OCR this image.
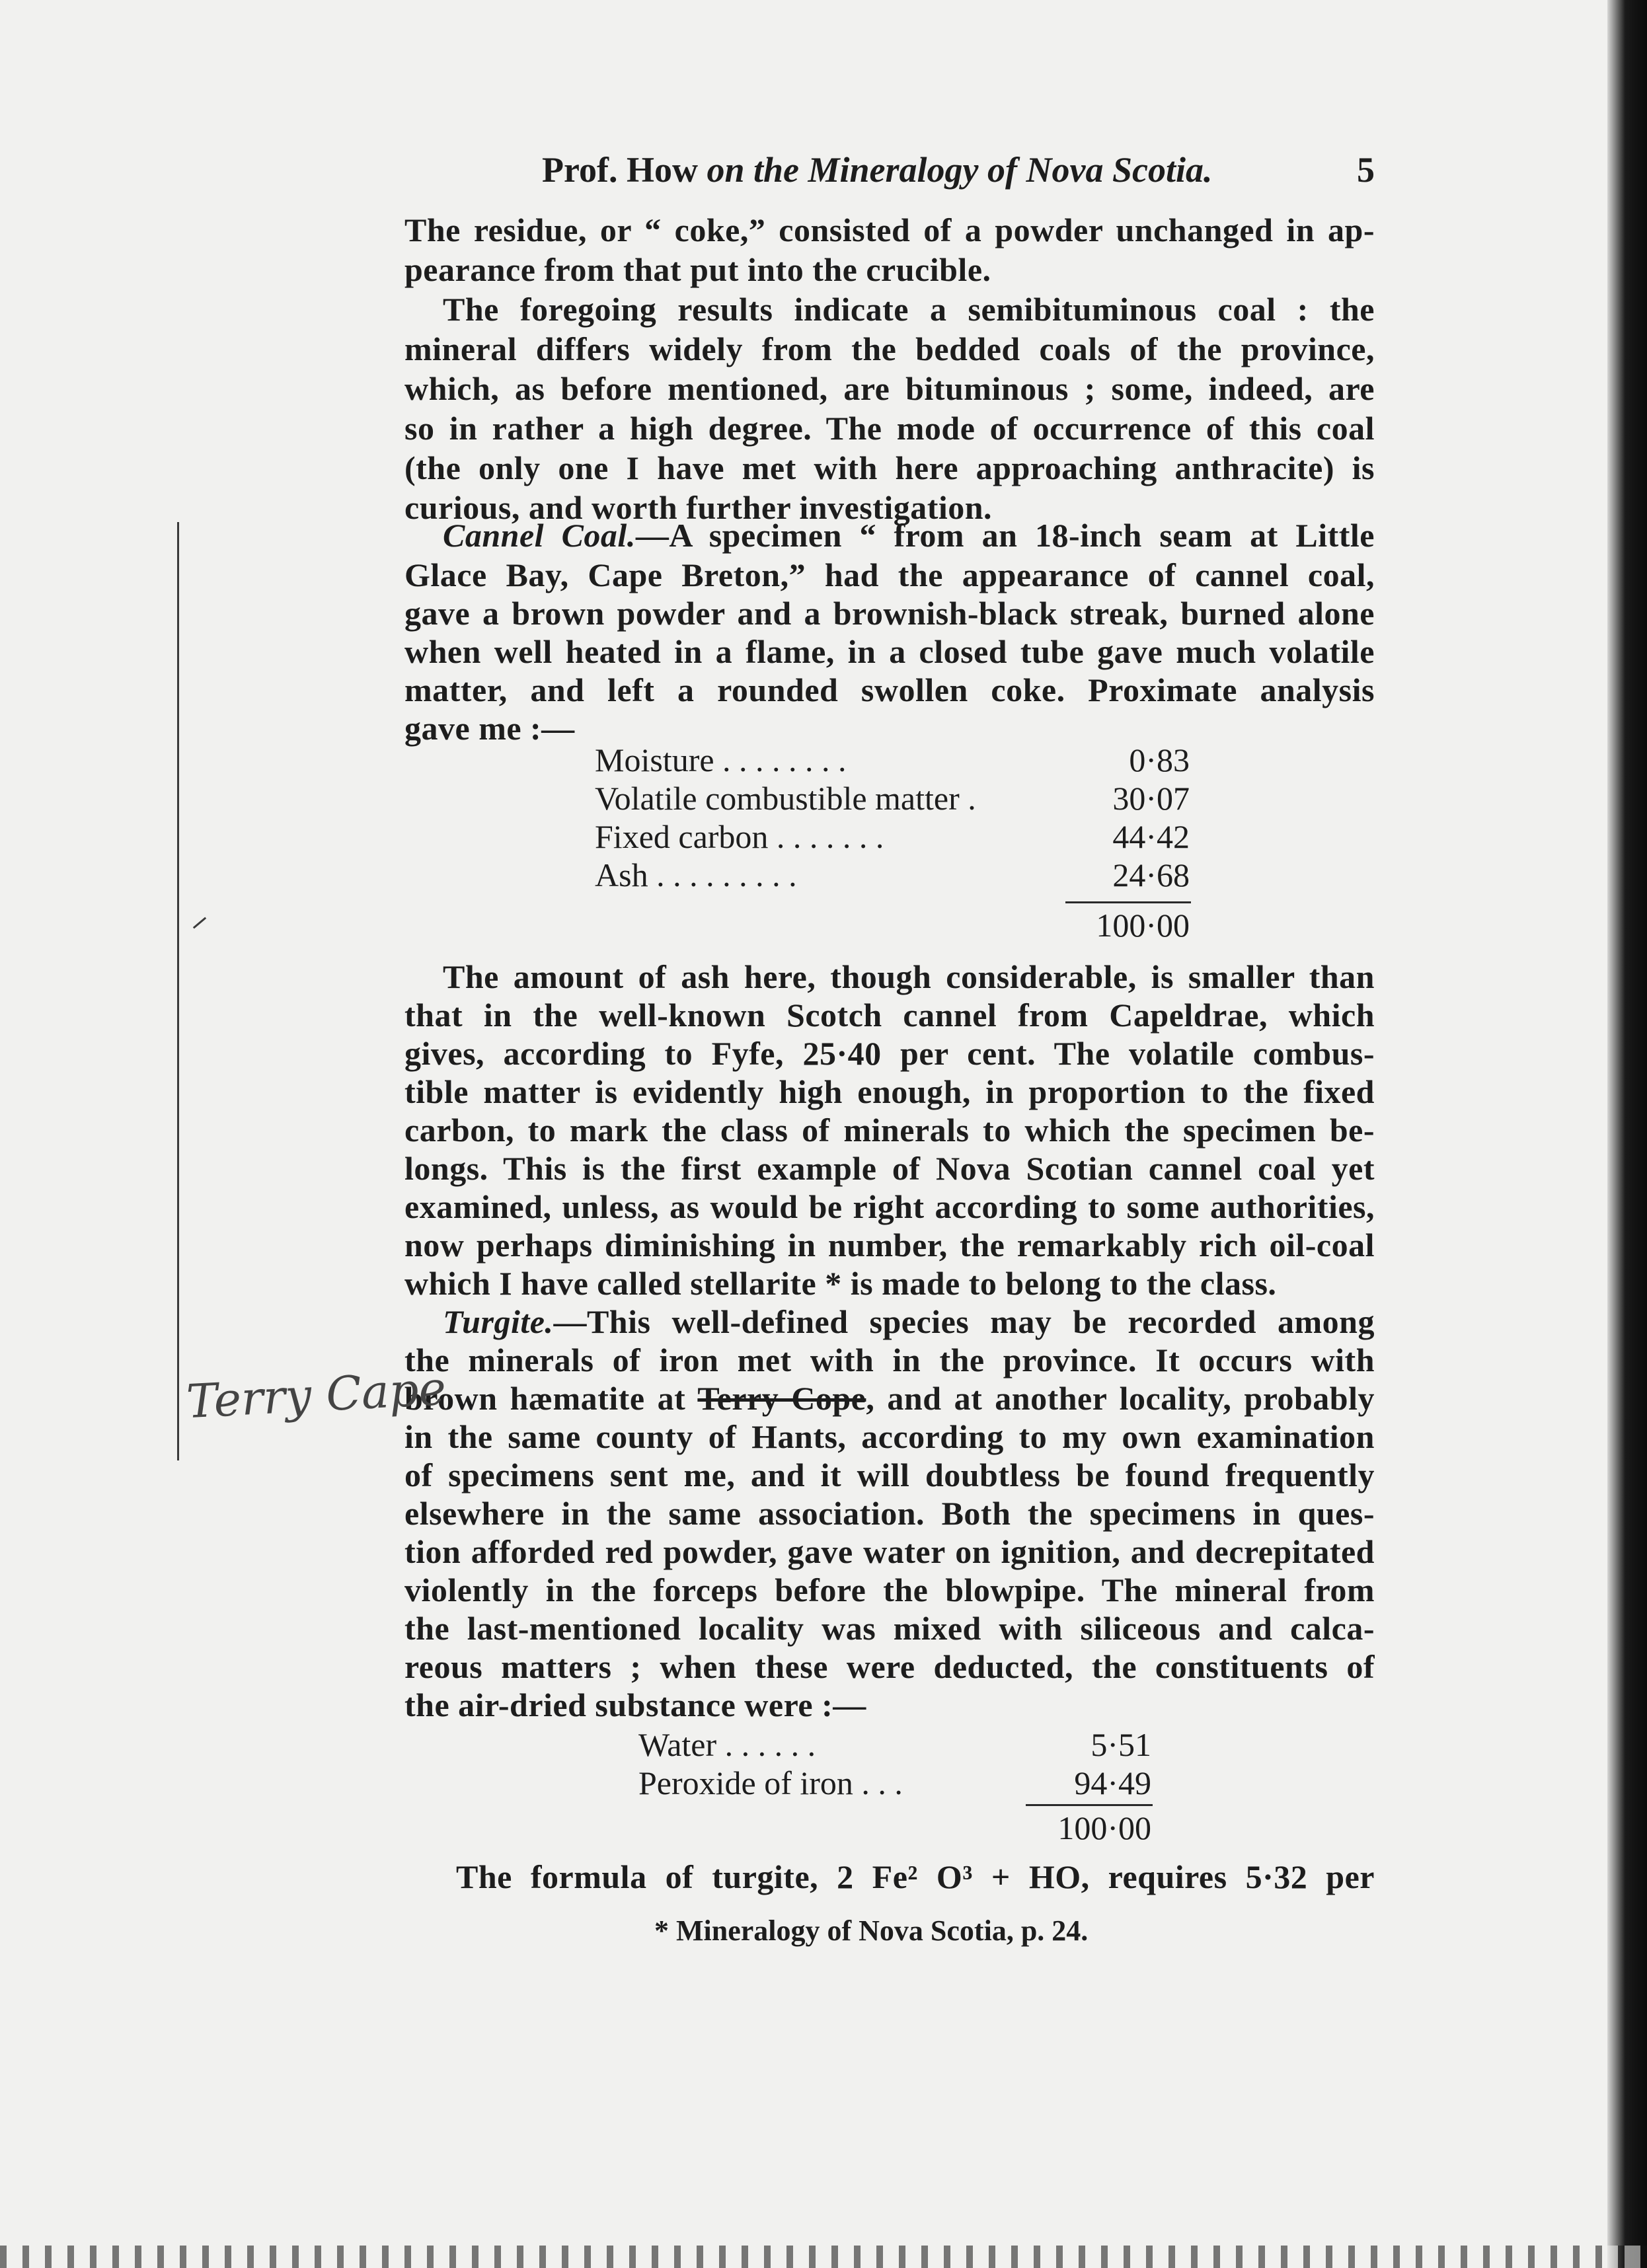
Prof. How on the Mineralogy of Nova Scotia.	5
The residue, or “ coke,” consisted of a powder unchanged in ap-
pearance from that put into the crucible.
The foregoing results indicate a semibituminous coal : the
mineral differs widely from the bedded coals of the province,
which, as before mentioned, are bituminous ; some, indeed, are
so in rather a high degree. The mode of occurrence of this coal
(the only one I have met with here approaching anthracite) is
curious, and worth further investigation.
Cannel Coal.—A specimen “ from an 18-inch seam at Little
Glace Bay, Cape Breton,” had the appearance of cannel coal,
gave a brown powder and a brownish-black streak, burned alone
when well heated in a flame, in a closed tube gave much volatile
matter, and left a rounded swollen coke. Proximate analysis
gave me :—
Moisture . . . . . . . .	0·83
Volatile combustible matter .	30·07
Fixed carbon . . . . . . .	44·42
Ash . . . . . . . . .	24·68
100·00
The amount of ash here, though considerable, is smaller than
that in the well-known Scotch cannel from Capeldrae, which
gives, according to Fyfe, 25·40 per cent. The volatile combus-
tible matter is evidently high enough, in proportion to the fixed
carbon, to mark the class of minerals to which the specimen be-
longs. This is the first example of Nova Scotian cannel coal yet
examined, unless, as would be right according to some authorities,
now perhaps diminishing in number, the remarkably rich oil-coal
which I have called stellarite * is made to belong to the class.
Turgite.—This well-defined species may be recorded among
the minerals of iron met with in the province. It occurs with
brown hæmatite at Terry Cope, and at another locality, probably
in the same county of Hants, according to my own examination
of specimens sent me, and it will doubtless be found frequently
elsewhere in the same association. Both the specimens in ques-
tion afforded red powder, gave water on ignition, and decrepitated
violently in the forceps before the blowpipe. The mineral from
the last-mentioned locality was mixed with siliceous and calca-
reous matters ; when these were deducted, the constituents of
the air-dried substance were :—
Water . . . . . .	5·51
Peroxide of iron . . .	94·49
100·00
The formula of turgite, 2 Fe² O³ + HO, requires 5·32 per
* Mineralogy of Nova Scotia, p. 24.
Terry Cape
